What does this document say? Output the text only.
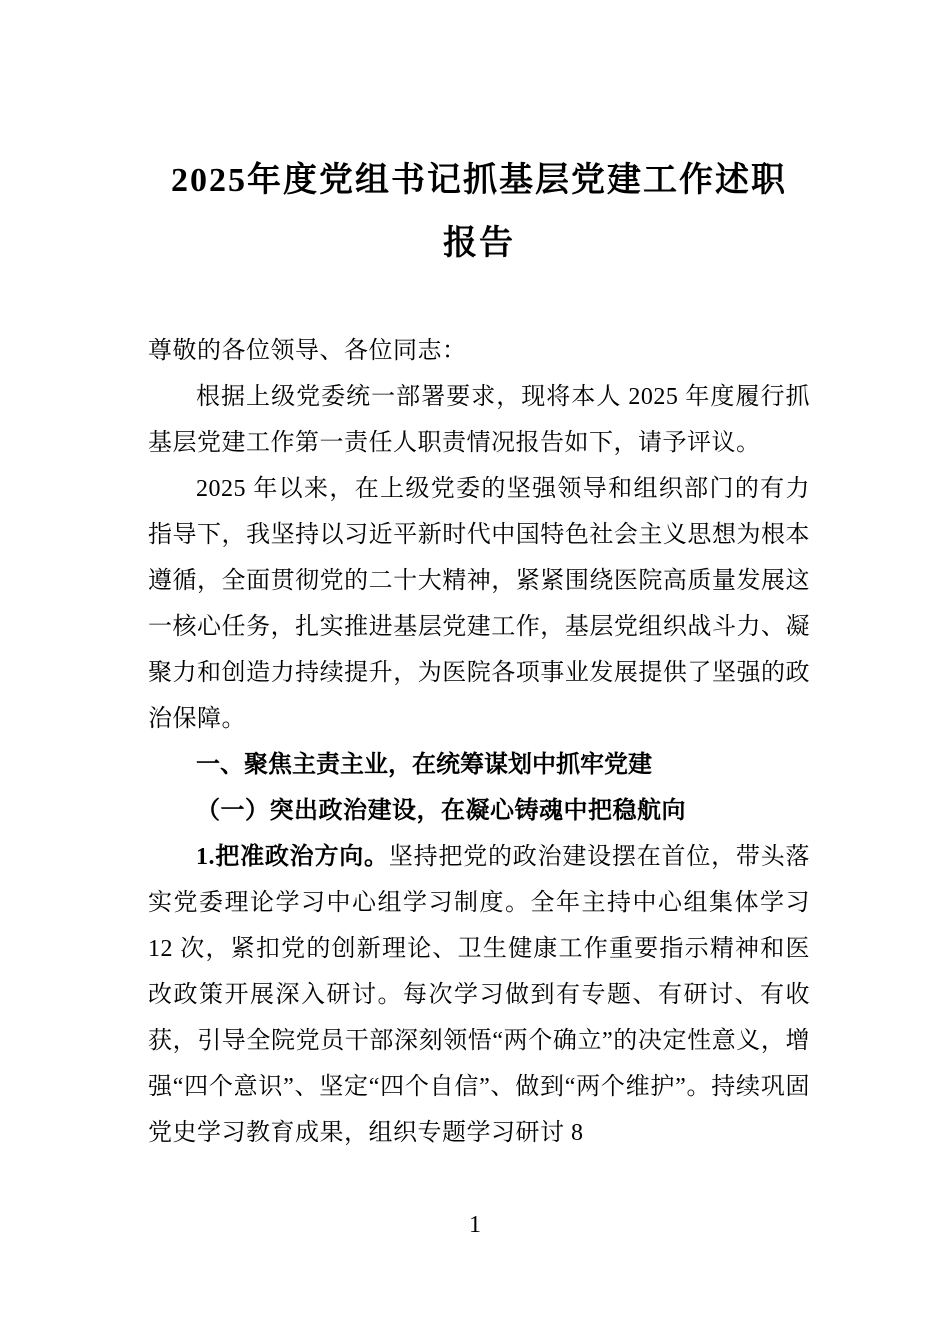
2025年度党组书记抓基层党建工作述职报告

尊敬的各位领导、各位同志：

根据上级党委统一部署要求，现将本人 2025 年度履行抓基层党建工作第一责任人职责情况报告如下，请予评议。

2025 年以来，在上级党委的坚强领导和组织部门的有力指导下，我坚持以习近平新时代中国特色社会主义思想为根本遵循，全面贯彻党的二十大精神，紧紧围绕医院高质量发展这一核心任务，扎实推进基层党建工作，基层党组织战斗力、凝聚力和创造力持续提升，为医院各项事业发展提供了坚强的政治保障。

一、聚焦主责主业，在统筹谋划中抓牢党建

（一）突出政治建设，在凝心铸魂中把稳航向

1.把准政治方向。坚持把党的政治建设摆在首位，带头落实党委理论学习中心组学习制度。全年主持中心组集体学习 12 次，紧扣党的创新理论、卫生健康工作重要指示精神和医改政策开展深入研讨。每次学习做到有专题、有研讨、有收获，引导全院党员干部深刻领悟“两个确立”的决定性意义，增强“四个意识”、坚定“四个自信”、做到“两个维护”。持续巩固党史学习教育成果，组织专题学习研讨 8

1
